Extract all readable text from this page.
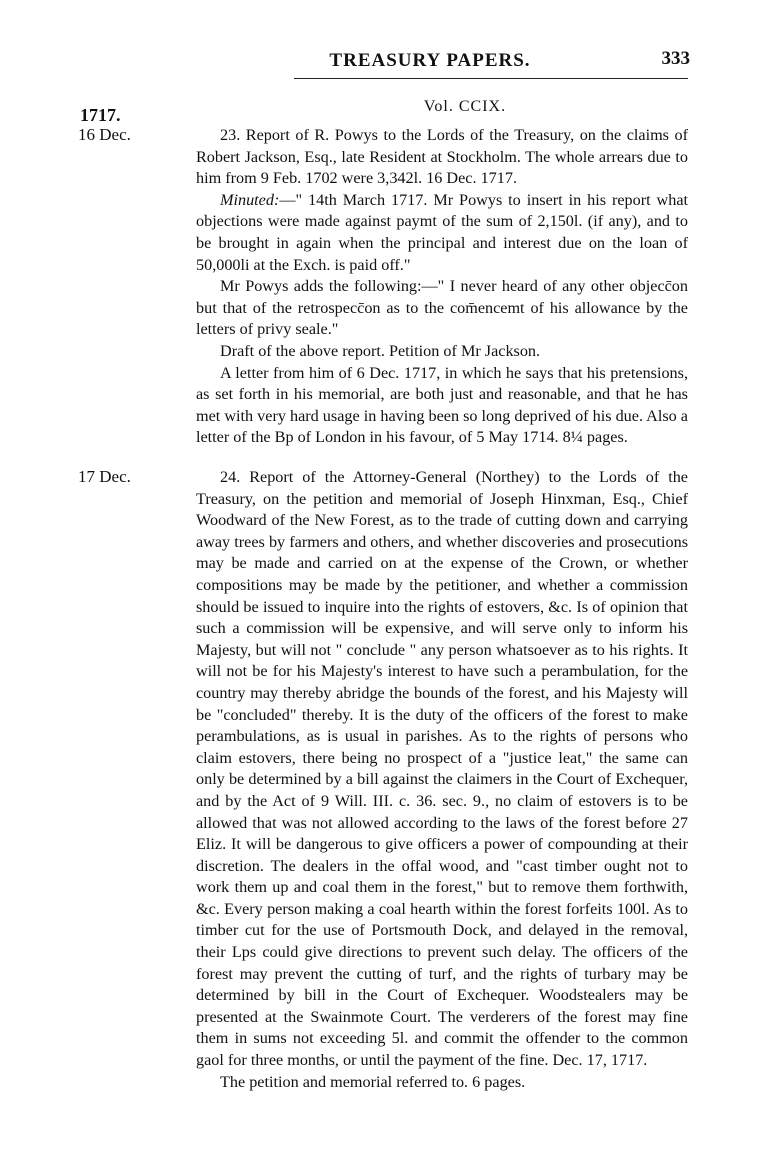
TREASURY PAPERS.	333
1717.	Vol. CCIX.
16 Dec.	23. Report of R. Powys to the Lords of the Treasury, on the claims of Robert Jackson, Esq., late Resident at Stockholm. The whole arrears due to him from 9 Feb. 1702 were 3,342l. 16 Dec. 1717.

Minuted:—" 14th March 1717. Mr Powys to insert in his report what objections were made against paymt of the sum of 2,150l. (if any), and to be brought in again when the principal and interest due on the loan of 50,000li at the Exch. is paid off."

Mr Powys adds the following:—" I never heard of any other objecc̄on but that of the retrospecc̄on as to the com̄encemt of his allowance by the letters of privy seale."

Draft of the above report. Petition of Mr Jackson.

A letter from him of 6 Dec. 1717, in which he says that his pretensions, as set forth in his memorial, are both just and reasonable, and that he has met with very hard usage in having been so long deprived of his due. Also a letter of the Bp of London in his favour, of 5 May 1714. 8¼ pages.

17 Dec.	24. Report of the Attorney-General (Northey) to the Lords of the Treasury, on the petition and memorial of Joseph Hinxman, Esq., Chief Woodward of the New Forest, as to the trade of cutting down and carrying away trees by farmers and others, and whether discoveries and prosecutions may be made and carried on at the expense of the Crown, or whether compositions may be made by the petitioner, and whether a commission should be issued to inquire into the rights of estovers, &c. Is of opinion that such a commission will be expensive, and will serve only to inform his Majesty, but will not " conclude " any person whatsoever as to his rights. It will not be for his Majesty's interest to have such a perambulation, for the country may thereby abridge the bounds of the forest, and his Majesty will be "concluded" thereby. It is the duty of the officers of the forest to make perambulations, as is usual in parishes. As to the rights of persons who claim estovers, there being no prospect of a "justice leat," the same can only be determined by a bill against the claimers in the Court of Exchequer, and by the Act of 9 Will. III. c. 36. sec. 9., no claim of estovers is to be allowed that was not allowed according to the laws of the forest before 27 Eliz. It will be dangerous to give officers a power of compounding at their discretion. The dealers in the offal wood, and "cast timber ought not to work them up and coal them in the forest," but to remove them forthwith, &c. Every person making a coal hearth within the forest forfeits 100l. As to timber cut for the use of Portsmouth Dock, and delayed in the removal, their Lps could give directions to prevent such delay. The officers of the forest may prevent the cutting of turf, and the rights of turbary may be determined by bill in the Court of Exchequer. Woodstealers may be presented at the Swainmote Court. The verderers of the forest may fine them in sums not exceeding 5l. and commit the offender to the common gaol for three months, or until the payment of the fine. Dec. 17, 1717.

The petition and memorial referred to. 6 pages.
